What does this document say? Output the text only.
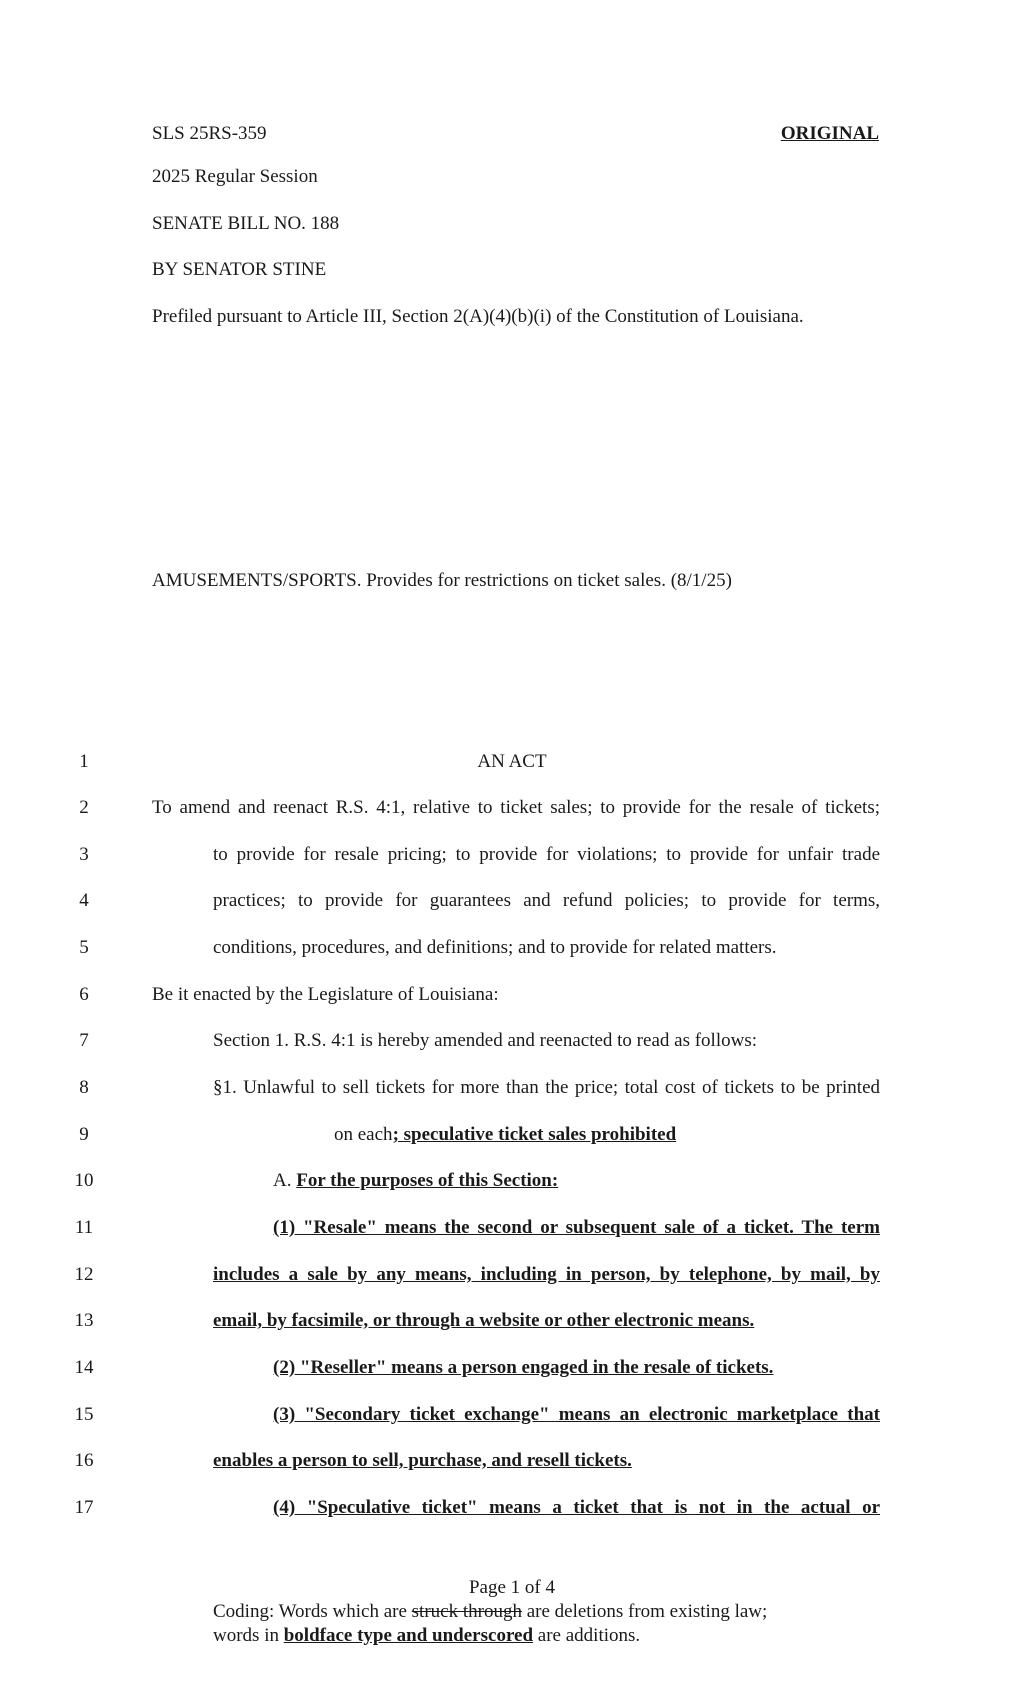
SLS 25RS-359	ORIGINAL
2025 Regular Session
SENATE BILL NO. 188
BY SENATOR STINE
Prefiled pursuant to Article III, Section 2(A)(4)(b)(i) of the Constitution of Louisiana.
AMUSEMENTS/SPORTS. Provides for restrictions on ticket sales. (8/1/25)
1	AN ACT
2	To amend and reenact R.S. 4:1, relative to ticket sales; to provide for the resale of tickets;
3	to provide for resale pricing; to provide for violations; to provide for unfair trade
4	practices; to provide for guarantees and refund policies; to provide for terms,
5	conditions, procedures, and definitions; and to provide for related matters.
6	Be it enacted by the Legislature of Louisiana:
7	Section 1. R.S. 4:1 is hereby amended and reenacted to read as follows:
8	§1. Unlawful to sell tickets for more than the price; total cost of tickets to be printed
9	on each; speculative ticket sales prohibited
10	A. For the purposes of this Section:
11	(1) "Resale" means the second or subsequent sale of a ticket. The term
12	includes a sale by any means, including in person, by telephone, by mail, by
13	email, by facsimile, or through a website or other electronic means.
14	(2) "Reseller" means a person engaged in the resale of tickets.
15	(3) "Secondary ticket exchange" means an electronic marketplace that
16	enables a person to sell, purchase, and resell tickets.
17	(4) "Speculative ticket" means a ticket that is not in the actual or
Page 1 of 4
Coding: Words which are struck through are deletions from existing law;
words in boldface type and underscored are additions.
